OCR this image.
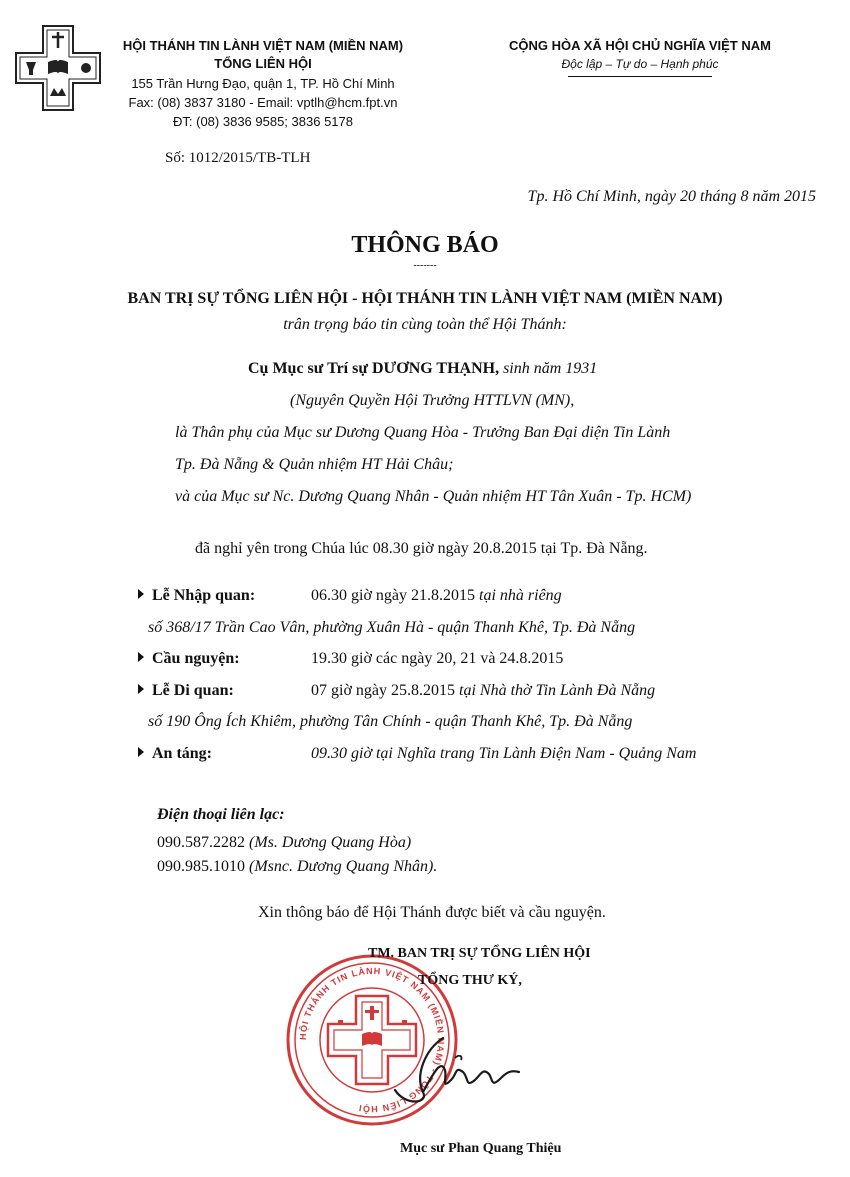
HỘI THÁNH TIN LÀNH VIỆT NAM (MIỀN NAM)
TỔNG LIÊN HỘI
155 Trần Hưng Đạo, quận 1, TP. Hồ Chí Minh
Fax: (08) 3837 3180 - Email: vptlh@hcm.fpt.vn
ĐT: (08) 3836 9585; 3836 5178
Số: 1012/2015/TB-TLH
CỘNG HÒA XÃ HỘI CHỦ NGHĨA VIỆT NAM
Độc lập – Tự do – Hạnh phúc
Tp. Hồ Chí Minh, ngày 20 tháng 8 năm 2015
THÔNG BÁO
-------
BAN TRỊ SỰ TỔNG LIÊN HỘI - HỘI THÁNH TIN LÀNH VIỆT NAM (MIỀN NAM)
trân trọng báo tin cùng toàn thể Hội Thánh:
Cụ Mục sư Trí sự DƯƠNG THẠNH, sinh năm 1931
(Nguyên Quyền Hội Trưởng HTTLVN (MN),
là Thân phụ của Mục sư Dương Quang Hòa - Trưởng Ban Đại diện Tin Lành
Tp. Đà Nẵng & Quản nhiệm HT Hải Châu;
và của Mục sư Nc. Dương Quang Nhân - Quản nhiệm HT Tân Xuân - Tp. HCM)
đã nghỉ yên trong Chúa lúc 08.30 giờ ngày 20.8.2015 tại Tp. Đà Nẵng.
Lễ Nhập quan:	06.30 giờ ngày 21.8.2015 tại nhà riêng
số 368/17 Trần Cao Vân, phường Xuân Hà - quận Thanh Khê, Tp. Đà Nẵng
Cầu nguyện:	19.30 giờ các ngày 20, 21 và 24.8.2015
Lễ Di quan:	07 giờ ngày 25.8.2015 tại Nhà thờ Tin Lành Đà Nẵng
số 190 Ông Ích Khiêm, phường Tân Chính - quận Thanh Khê, Tp. Đà Nẵng
An táng:	09.30 giờ tại Nghĩa trang Tin Lành Điện Nam - Quảng Nam
Điện thoại liên lạc:
090.587.2282 (Ms. Dương Quang Hòa)
090.985.1010 (Msnc. Dương Quang Nhân).
Xin thông báo để Hội Thánh được biết và cầu nguyện.
HỘI THÁNH TIN LÀNH VIỆT NAM (MIỀN NAM) - TỔNG LIÊN HỘI
TM. BAN TRỊ SỰ TỔNG LIÊN HỘI
TỔNG THƯ KÝ,
Mục sư Phan Quang Thiệu
